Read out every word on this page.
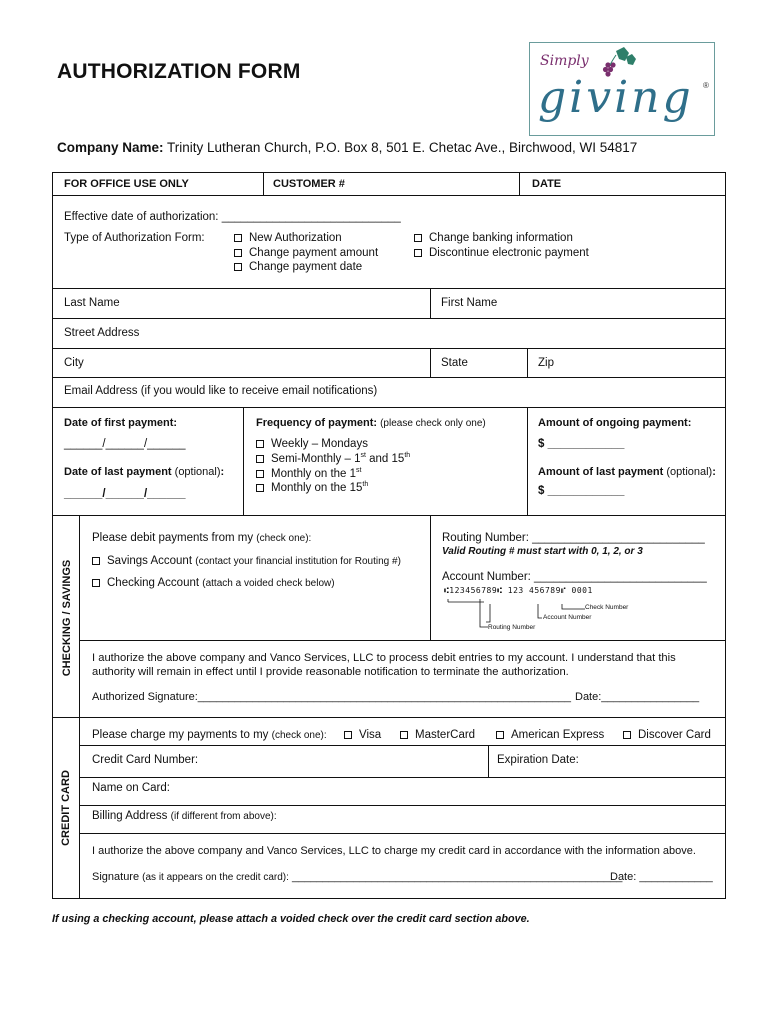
AUTHORIZATION FORM	Simply
giving ®
Company Name: Trinity Lutheran Church, P.O. Box 8, 501 E. Chetac Ave., Birchwood, WI 54817
FOR OFFICE USE ONLY	CUSTOMER #	DATE
Effective date of authorization: ____________________________
Type of Authorization Form:	New Authorization
Change payment amount
Change payment date
Change banking information
Discontinue electronic payment
Last Name	First Name
Street Address
City	State	Zip
Email Address (if you would like to receive email notifications)
Date of first payment:
______/______/______
Date of last payment (optional):
______/______/______
Frequency of payment: (please check only one)
Weekly – Mondays
Semi-Monthly – 1st and 15th
Monthly on the 1st
Monthly on the 15th
Amount of ongoing payment:
$ ____________
Amount of last payment (optional):
$ ____________
CHECKING / SAVINGS
Please debit payments from my (check one):
Savings Account (contact your financial institution for Routing #)
Checking Account (attach a voided check below)
Routing Number: ___________________________
Valid Routing # must start with 0, 1, 2, or 3
Account Number: ___________________________
⑆123456789⑆ 123 456789⑈ 0001
Check Number
Account Number
Routing Number
I authorize the above company and Vanco Services, LLC to process debit entries to my account. I understand that this
authority will remain in effect until I provide reasonable notification to terminate the authorization.
Authorized Signature:_____________________________________________________________ Date:________________
CREDIT CARD
Please charge my payments to my (check one):	Visa	MasterCard	American Express	Discover Card
Credit Card Number:	Expiration Date:
Name on Card:
Billing Address (if different from above):
I authorize the above company and Vanco Services, LLC to charge my credit card in accordance with the information above.
Signature (as it appears on the credit card): ______________________________________________________
Date: ____________
If using a checking account, please attach a voided check over the credit card section above.
